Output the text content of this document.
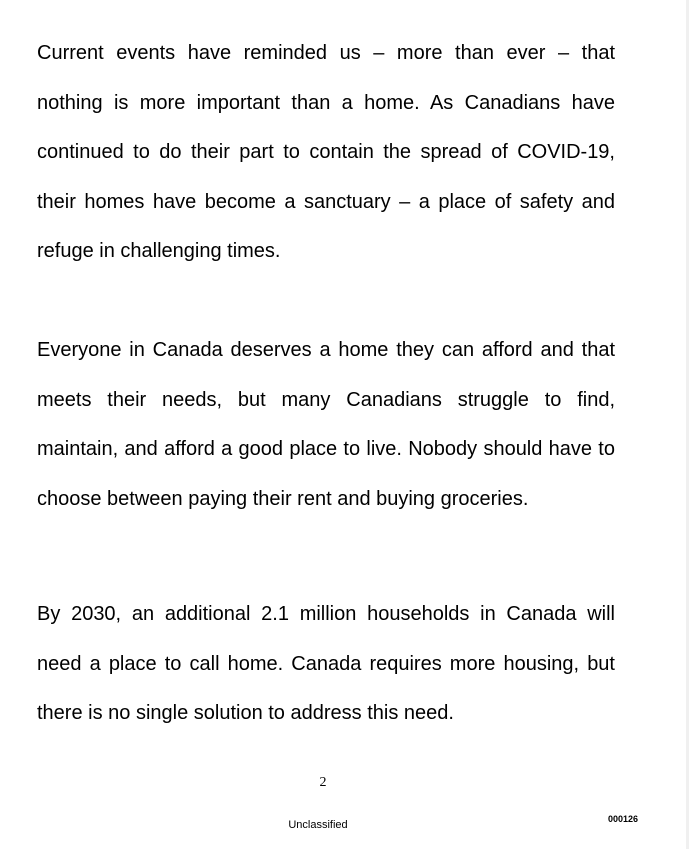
Current events have reminded us – more than ever – that nothing is more important than a home. As Canadians have continued to do their part to contain the spread of COVID-19, their homes have become a sanctuary – a place of safety and refuge in challenging times.

Everyone in Canada deserves a home they can afford and that meets their needs, but many Canadians struggle to find, maintain, and afford a good place to live. Nobody should have to choose between paying their rent and buying groceries.

By 2030, an additional 2.1 million households in Canada will need a place to call home. Canada requires more housing, but there is no single solution to address this need.

2
Unclassified	000126
